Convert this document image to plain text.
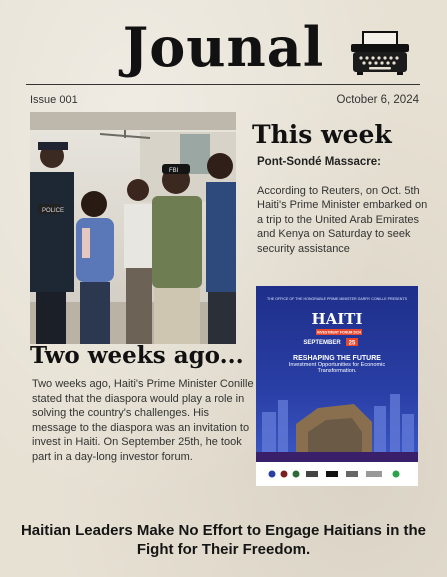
Jounal
Issue 001	October 6, 2024
POLICE
FBI
This week
Pont-Sondé Massacre:
According to Reuters, on Oct. 5th Haiti's Prime Minister embarked on a trip to the United Arab Emirates and Kenya on Saturday to seek security assistance
THE OFFICE OF THE HONORABLE PRIME MINISTER GARRY CONILLE PRESENTS
HAITI
INVESTMENT FORUM 2024
SEPTEMBER 25
RESHAPING THE FUTURE
Investment Opportunities for Economic Transformation.
Two weeks ago...
Two weeks ago, Haiti's Prime Minister Conille stated that the diaspora would play a role in solving the country's challenges. His message to the diaspora was an invitation to invest in Haiti. On September 25th, he took part in a day-long investor forum.
Haitian Leaders Make No Effort to Engage Haitians in the Fight for Their Freedom.
